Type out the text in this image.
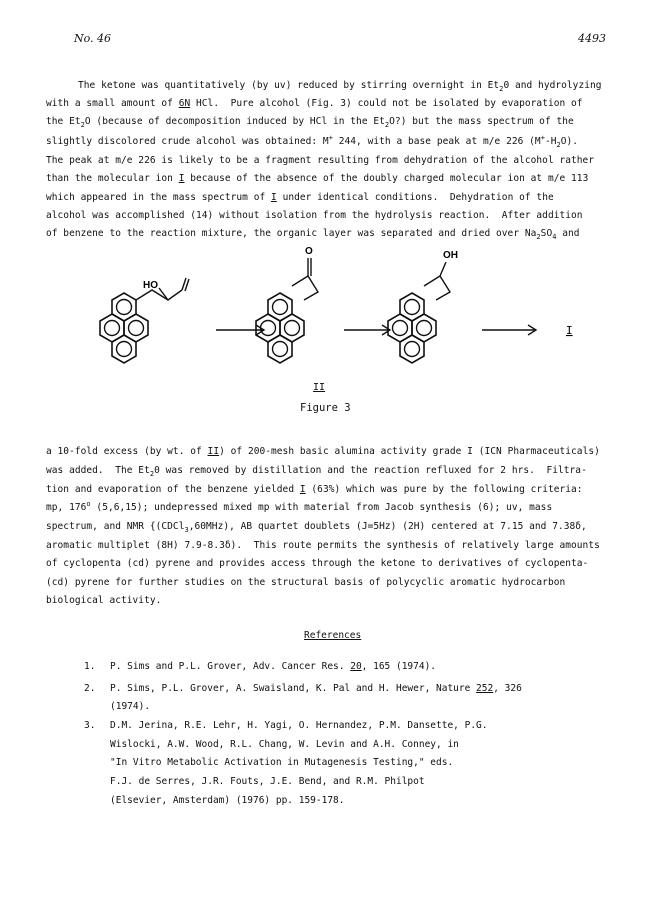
No. 46	4493
The ketone was quantitatively (by uv) reduced by stirring overnight in $Et_20$ and hydrolyzing
with a small amount of 6N HCl.  Pure alcohol (Fig. 3) could not be isolated by evaporation of
the $Et_2O$ (because of decomposition induced by HCl in the $Et_2O$?) but the mass spectrum of the
slightly discolored crude alcohol was obtained: M+ 244, with a base peak at m/e 226 $(M^+-H_2O)$.
The peak at m/e 226 is likely to be a fragment resulting from dehydration of the alcohol rather
than the molecular ion I because of the absence of the doubly charged molecular ion at m/e 113
which appeared in the mass spectrum of I under identical conditions.  Dehydration of the
alcohol was accomplished (14) without isolation from the hydrolysis reaction.  After addition
of benzene to the reaction mixture, the organic layer was separated and dried over $Na_2SO_4$ and
HO
O	OH
I
II
Figure 3
a 10-fold excess (by wt. of II) of 200-mesh basic alumina activity grade I (ICN Pharmaceuticals)
was added.  The $Et_20$ was removed by distillation and the reaction refluxed for 2 hrs.  Filtra-
tion and evaporation of the benzene yielded I (63%) which was pure by the following criteria:
mp, 176$^o$ (5,6,15); undepressed mixed mp with material from Jacob synthesis (6); uv, mass
spectrum, and NMR {(CDCl$_3$,60MHz), AB quartet doublets (J=5Hz) (2H) centered at 7.15 and 7.38δ,
aromatic multiplet (8H) 7.9-8.3δ).  This route permits the synthesis of relatively large amounts
of cyclopenta (cd) pyrene and provides access through the ketone to derivatives of cyclopenta-
(cd) pyrene for further studies on the structural basis of polycyclic aromatic hydrocarbon
biological activity.
References
1. P. Sims and P.L. Grover, Adv. Cancer Res. 20, 165 (1974).
2. P. Sims, P.L. Grover, A. Swaisland, K. Pal and H. Hewer, Nature 252, 326
(1974).
3. D.M. Jerina, R.E. Lehr, H. Yagi, O. Hernandez, P.M. Dansette, P.G.
Wislocki, A.W. Wood, R.L. Chang, W. Levin and A.H. Conney, in
"In Vitro Metabolic Activation in Mutagenesis Testing," eds.
F.J. de Serres, J.R. Fouts, J.E. Bend, and R.M. Philpot
(Elsevier, Amsterdam) (1976) pp. 159-178.
